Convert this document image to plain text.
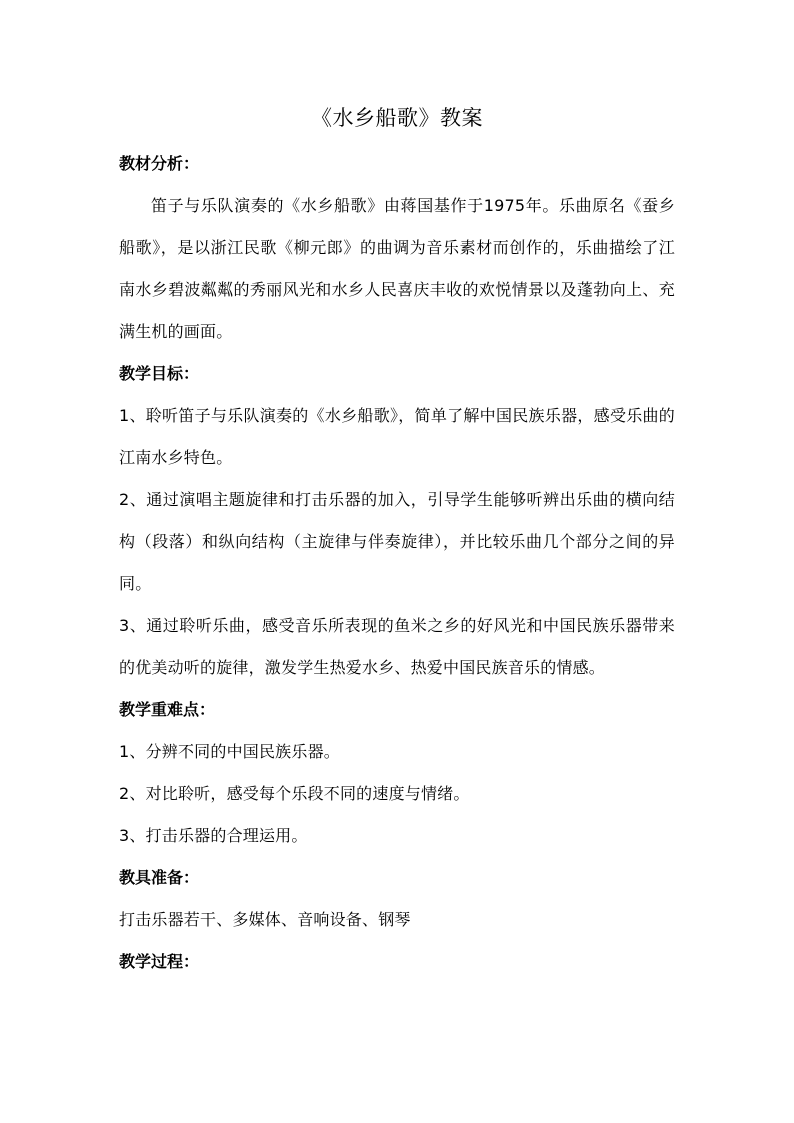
《水乡船歌》教案

教材分析：

笛子与乐队演奏的《水乡船歌》由蒋国基作于1975年。乐曲原名《蚕乡船歌》，是以浙江民歌《柳元郎》的曲调为音乐素材而创作的，乐曲描绘了江南水乡碧波粼粼的秀丽风光和水乡人民喜庆丰收的欢悦情景以及蓬勃向上、充满生机的画面。

教学目标：

1、聆听笛子与乐队演奏的《水乡船歌》，简单了解中国民族乐器，感受乐曲的江南水乡特色。

2、通过演唱主题旋律和打击乐器的加入，引导学生能够听辨出乐曲的横向结构（段落）和纵向结构（主旋律与伴奏旋律），并比较乐曲几个部分之间的异同。

3、通过聆听乐曲，感受音乐所表现的鱼米之乡的好风光和中国民族乐器带来的优美动听的旋律，激发学生热爱水乡、热爱中国民族音乐的情感。

教学重难点：

1、分辨不同的中国民族乐器。

2、对比聆听，感受每个乐段不同的速度与情绪。

3、打击乐器的合理运用。

教具准备：

打击乐器若干、多媒体、音响设备、钢琴

教学过程：
